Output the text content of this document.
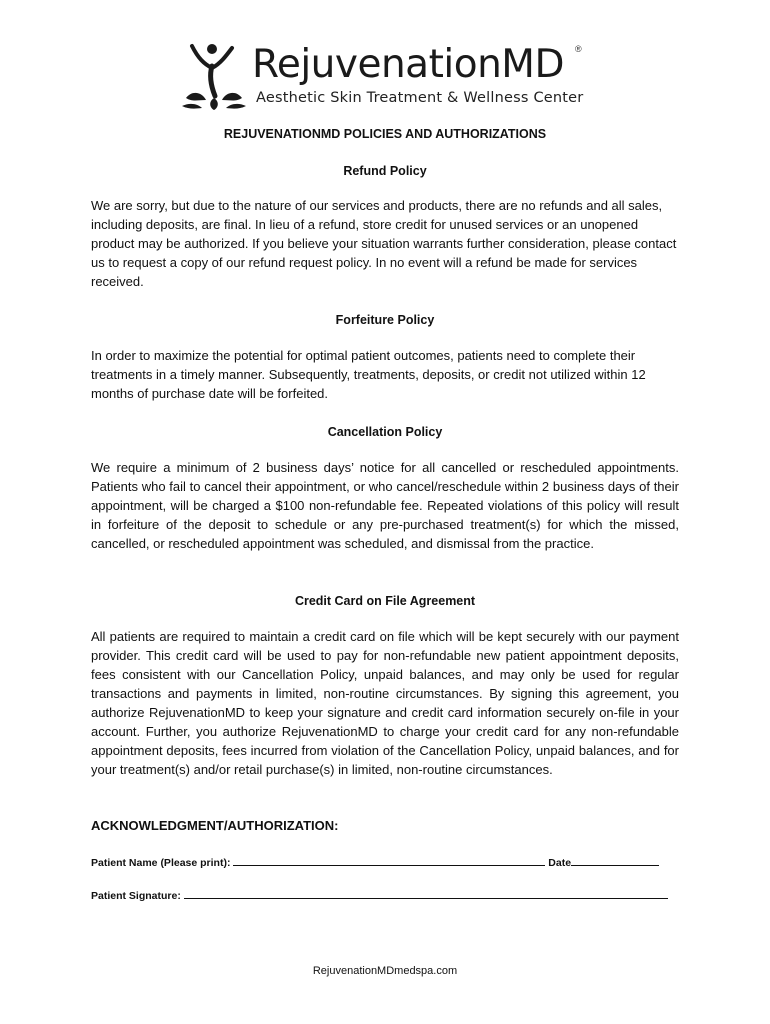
RejuvenationMD ®
Aesthetic Skin Treatment & Wellness Center
REJUVENATIONMD POLICIES AND AUTHORIZATIONS
Refund Policy

We are sorry, but due to the nature of our services and products, there are no refunds and all sales, including deposits, are final. In lieu of a refund, store credit for unused services or an unopened product may be authorized. If you believe your situation warrants further consideration, please contact us to request a copy of our refund request policy. In no event will a refund be made for services received.

Forfeiture Policy

In order to maximize the potential for optimal patient outcomes, patients need to complete their treatments in a timely manner. Subsequently, treatments, deposits, or credit not utilized within 12 months of purchase date will be forfeited.

Cancellation Policy

We require a minimum of 2 business days’ notice for all cancelled or rescheduled appointments. Patients who fail to cancel their appointment, or who cancel/reschedule within 2 business days of their appointment, will be charged a $100 non-refundable fee. Repeated violations of this policy will result in forfeiture of the deposit to schedule or any pre-purchased treatment(s) for which the missed, cancelled, or rescheduled appointment was scheduled, and dismissal from the practice.

Credit Card on File Agreement

All patients are required to maintain a credit card on file which will be kept securely with our payment provider. This credit card will be used to pay for non-refundable new patient appointment deposits, fees consistent with our Cancellation Policy, unpaid balances, and may only be used for regular transactions and payments in limited, non-routine circumstances. By signing this agreement, you authorize RejuvenationMD to keep your signature and credit card information securely on-file in your account. Further, you authorize RejuvenationMD to charge your credit card for any non-refundable appointment deposits, fees incurred from violation of the Cancellation Policy, unpaid balances, and for your treatment(s) and/or retail purchase(s) in limited, non-routine circumstances.

ACKNOWLEDGMENT/AUTHORIZATION:
Patient Name (Please print):	Date
Patient Signature:
RejuvenationMDmedspa.com
